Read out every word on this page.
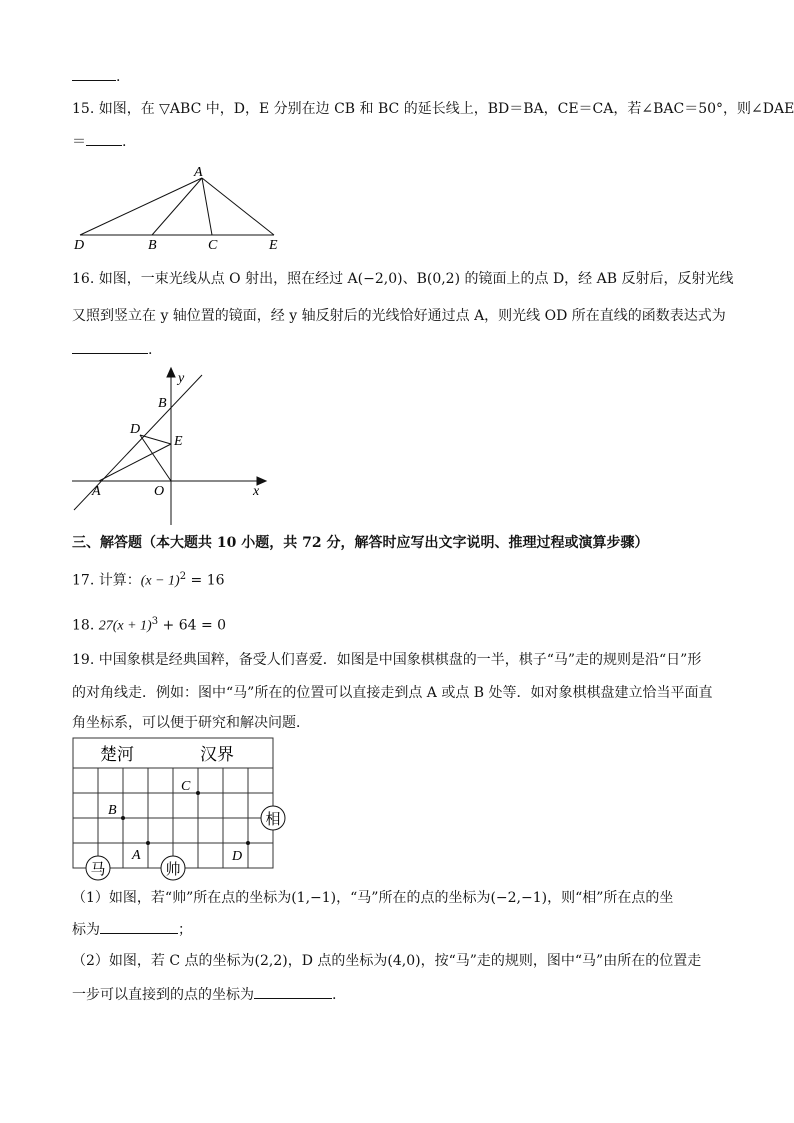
.
15. 如图，在 ▽ABC 中，D，E 分别在边 CB 和 BC 的延长线上，BD＝BA，CE＝CA，若∠BAC＝50°，则∠DAE
＝	.
A
D	B	C	E
16. 如图，一束光线从点 O 射出，照在经过 A(−2,0)、B(0,2) 的镜面上的点 D，经 AB 反射后，反射光线
又照到竖立在 y 轴位置的镜面，经 y 轴反射后的光线恰好通过点 A，则光线 OD 所在直线的函数表达式为
.
y
x
B
D
E
A	O
三、解答题（本大题共 10 小题，共 72 分，解答时应写出文字说明、推理过程或演算步骤）
17. 计算：$(x - 1)^2 = 16$
18. $27(x + 1)^3 + 64 = 0$
19. 中国象棋是经典国粹，备受人们喜爱．如图是中国象棋棋盘的一半，棋子“马”走的规则是沿“日”形
的对角线走．例如：图中“马”所在的位置可以直接走到点 A 或点 B 处等．如对象棋棋盘建立恰当平面直
角坐标系，可以便于研究和解决问题．
楚河	汉界
C
B
A	D
马	帅
相
（1）如图，若“帅”所在点的坐标为(1,−1)，“马”所在的点的坐标为(−2,−1)，则“相”所在点的坐
标为	；
（2）如图，若 C 点的坐标为(2,2)，D 点的坐标为(4,0)，按“马”走的规则，图中“马”由所在的位置走
一步可以直接到的点的坐标为	.
